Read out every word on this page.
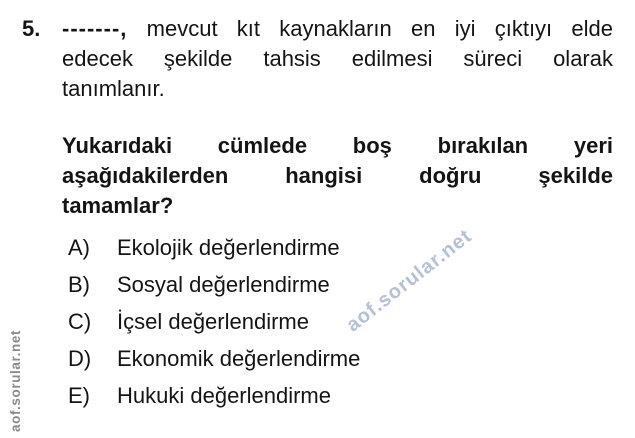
5. -------, mevcut kıt kaynakların en iyi çıktıyı elde
edecek şekilde tahsis edilmesi süreci olarak
tanımlanır.
Yukarıdaki cümlede boş bırakılan yeri
aşağıdakilerden hangisi doğru şekilde
tamamlar?
A)	Ekolojik değerlendirme
B)	Sosyal değerlendirme
C)	İçsel değerlendirme
D)	Ekonomik değerlendirme
E)	Hukuki değerlendirme
aof.sorular.net
aof.sorular.net
